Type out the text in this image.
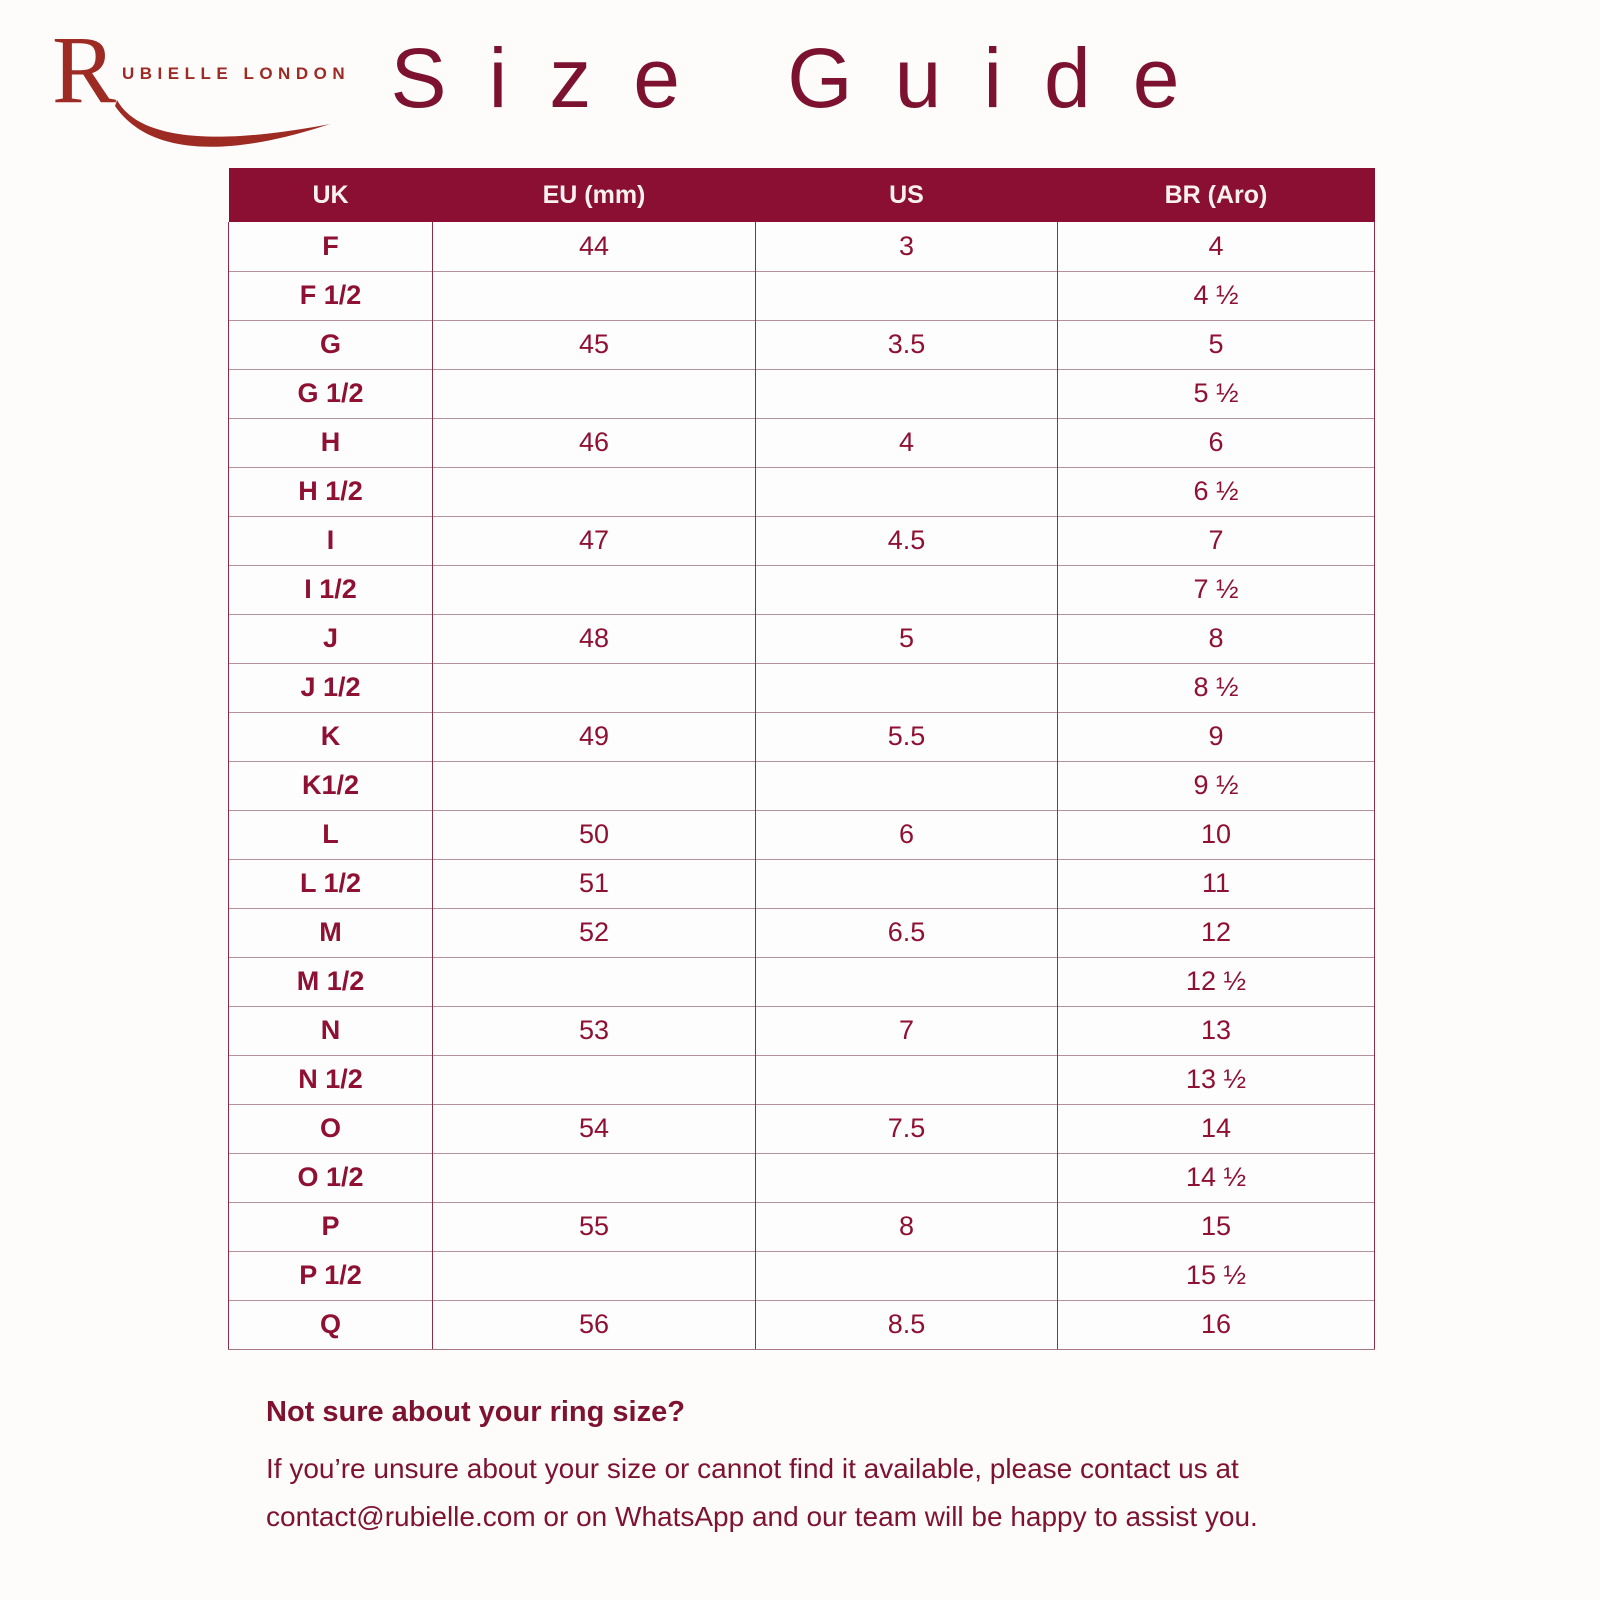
R UBIELLE LONDON Size Guide
UK	EU (mm)	US	BR (Aro)
F	44	3	4
F 1/2			4 ½
G	45	3.5	5
G 1/2			5 ½
H	46	4	6
H 1/2			6 ½
I	47	4.5	7
I 1/2			7 ½
J	48	5	8
J 1/2			8 ½
K	49	5.5	9
K1/2			9 ½
L	50	6	10
L 1/2	51		11
M	52	6.5	12
M 1/2			12 ½
N	53	7	13
N 1/2			13 ½
O	54	7.5	14
O 1/2			14 ½
P	55	8	15
P 1/2			15 ½
Q	56	8.5	16
Not sure about your ring size?
If you’re unsure about your size or cannot find it available, please contact us at
contact@rubielle.com or on WhatsApp and our team will be happy to assist you.
